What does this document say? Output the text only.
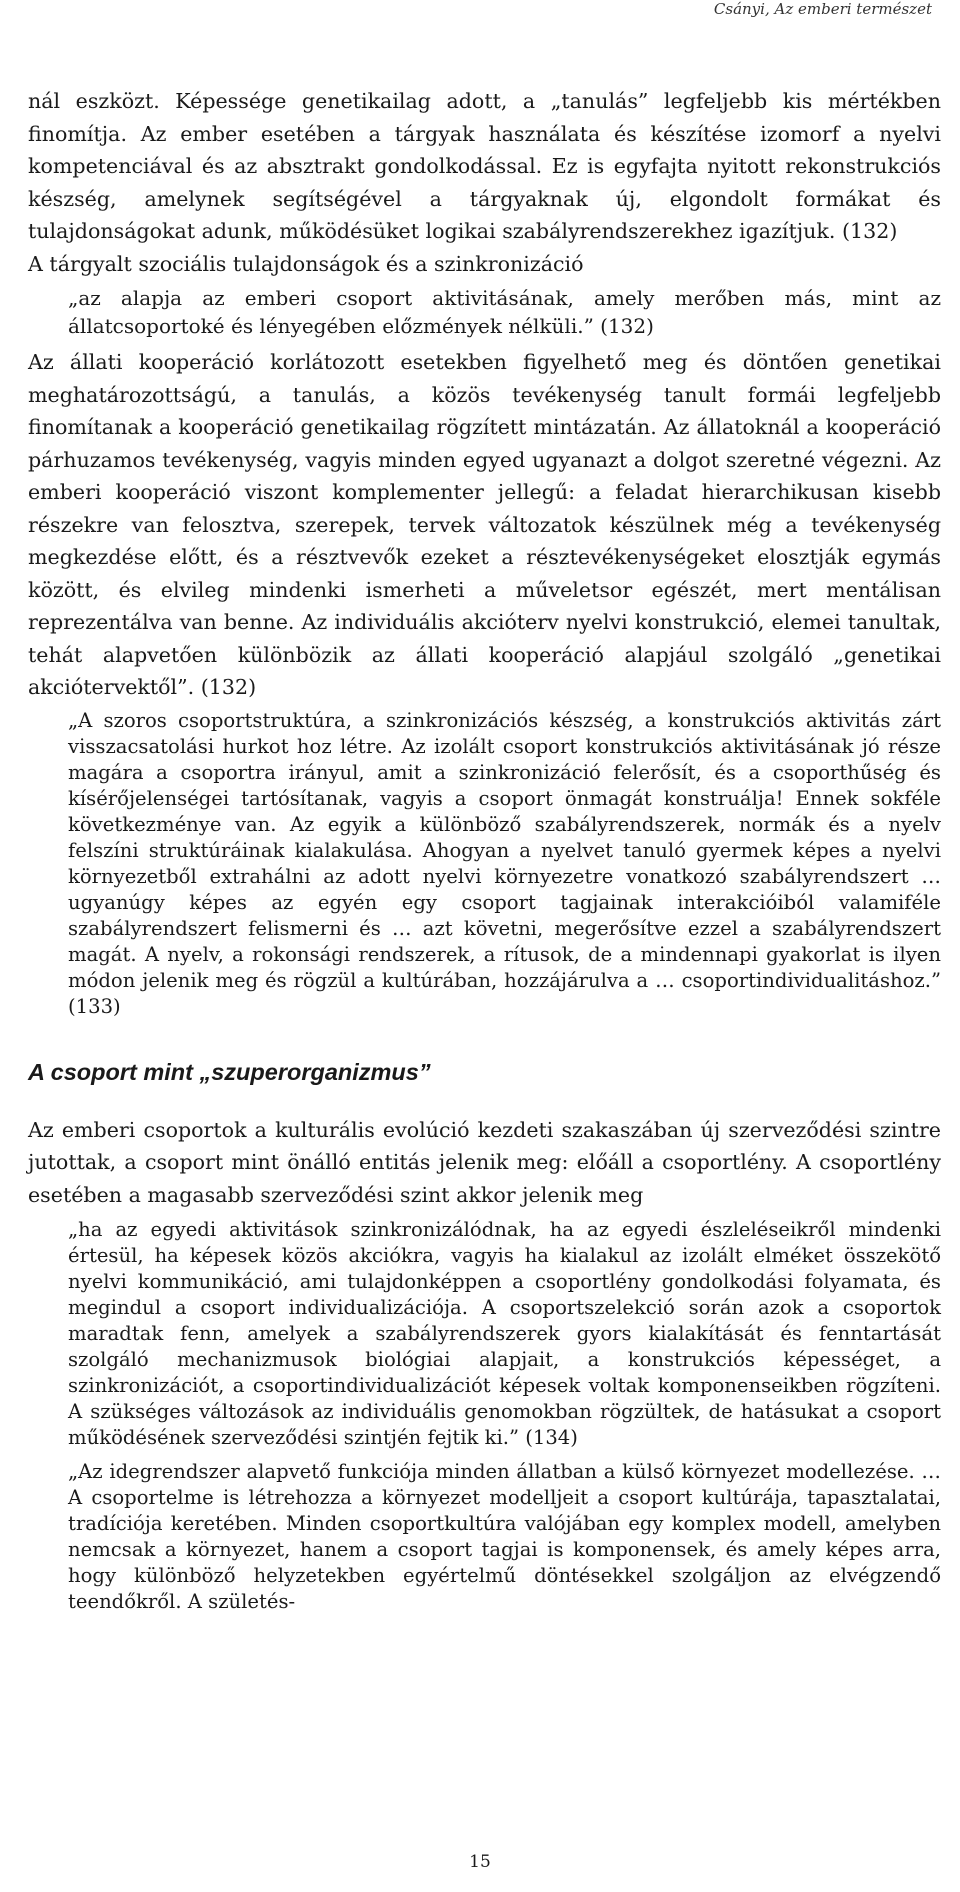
Csányi, Az emberi természet

nál eszközt. Képessége genetikailag adott, a „tanulás” legfeljebb kis mértékben finomítja. Az ember esetében a tárgyak használata és készítése izomorf a nyelvi kompetenciával és az absztrakt gondolkodással. Ez is egyfajta nyitott rekonstrukciós készség, amelynek segítségével a tárgyaknak új, elgondolt formákat és tulajdonságokat adunk, működésüket logikai szabályrendszerekhez igazítjuk. (132)

A tárgyalt szociális tulajdonságok és a szinkronizáció

„az alapja az emberi csoport aktivitásának, amely merőben más, mint az állatcsoportoké és lényegében előzmények nélküli.” (132)

Az állati kooperáció korlátozott esetekben figyelhető meg és döntően genetikai meghatározottságú, a tanulás, a közös tevékenység tanult formái legfeljebb finomítanak a kooperáció genetikailag rögzített mintázatán. Az állatoknál a kooperáció párhuzamos tevékenység, vagyis minden egyed ugyanazt a dolgot szeretné végezni. Az emberi kooperáció viszont komplementer jellegű: a feladat hierarchikusan kisebb részekre van felosztva, szerepek, tervek változatok készülnek még a tevékenység megkezdése előtt, és a résztvevők ezeket a résztevékenységeket elosztják egymás között, és elvileg mindenki ismerheti a műveletsor egészét, mert mentálisan reprezentálva van benne. Az individuális akcióterv nyelvi konstrukció, elemei tanultak, tehát alapvetően különbözik az állati kooperáció alapjául szolgáló „genetikai akciótervektől”. (132)

„A szoros csoportstruktúra, a szinkronizációs készség, a konstrukciós aktivitás zárt visszacsatolási hurkot hoz létre. Az izolált csoport konstrukciós aktivitásának jó része magára a csoportra irányul, amit a szinkronizáció felerősít, és a csoporthűség és kísérőjelenségei tartósítanak, vagyis a csoport önmagát konstruálja! Ennek sokféle következménye van. Az egyik a különböző szabályrendszerek, normák és a nyelv felszíni struktúráinak kialakulása. Ahogyan a nyelvet tanuló gyermek képes a nyelvi környezetből extrahálni az adott nyelvi környezetre vonatkozó szabályrendszert … ugyanúgy képes az egyén egy csoport tagjainak interakcióiból valamiféle szabályrendszert felismerni és … azt követni, megerősítve ezzel a szabályrendszert magát. A nyelv, a rokonsági rendszerek, a rítusok, de a mindennapi gyakorlat is ilyen módon jelenik meg és rögzül a kultúrában, hozzájárulva a … csoportindividualitáshoz.” (133)

A csoport mint „szuperorganizmus”

Az emberi csoportok a kulturális evolúció kezdeti szakaszában új szerveződési szintre jutottak, a csoport mint önálló entitás jelenik meg: előáll a csoportlény. A csoportlény esetében a magasabb szerveződési szint akkor jelenik meg

„ha az egyedi aktivitások szinkronizálódnak, ha az egyedi észleléseikről mindenki értesül, ha képesek közös akciókra, vagyis ha kialakul az izolált elméket összekötő nyelvi kommunikáció, ami tulajdonképpen a csoportlény gondolkodási folyamata, és megindul a csoport individualizációja. A csoportszelekció során azok a csoportok maradtak fenn, amelyek a szabályrendszerek gyors kialakítását és fenntartását szolgáló mechanizmusok biológiai alapjait, a konstrukciós képességet, a szinkronizációt, a csoportindividualizációt képesek voltak komponenseikben rögzíteni. A szükséges változások az individuális genomokban rögzültek, de hatásukat a csoport működésének szerveződési szintjén fejtik ki.” (134)

„Az idegrendszer alapvető funkciója minden állatban a külső környezet modellezése. … A csoportelme is létrehozza a környezet modelljeit a csoport kultúrája, tapasztalatai, tradíciója keretében. Minden csoportkultúra valójában egy komplex modell, amelyben nemcsak a környezet, hanem a csoport tagjai is komponensek, és amely képes arra, hogy különböző helyzetekben egyértelmű döntésekkel szolgáljon az elvégzendő teendőkről. A születés-

15
